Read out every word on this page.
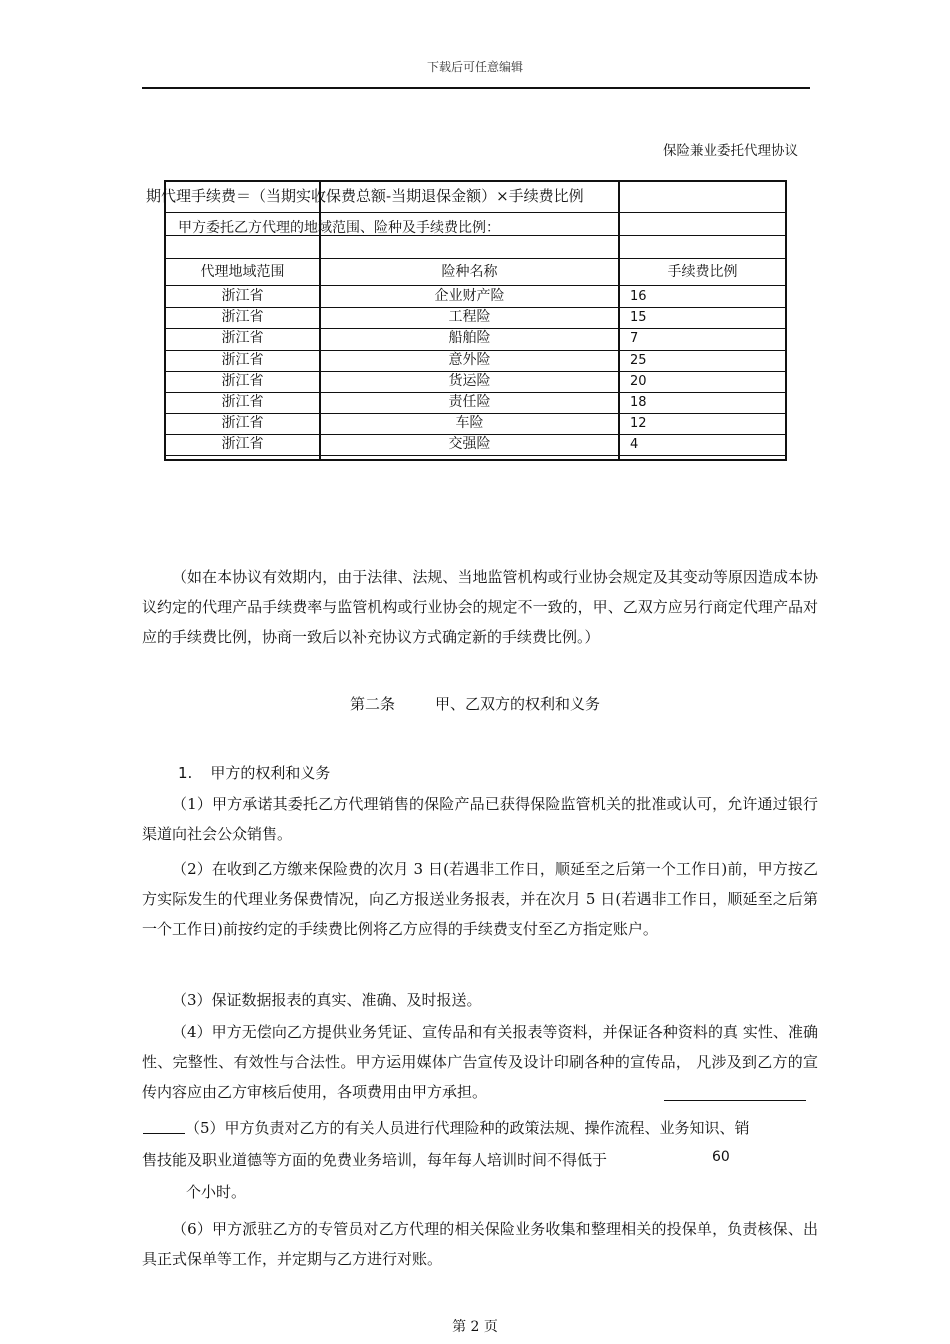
下载后可任意编辑
保险兼业委托代理协议
期代理手续费＝（当期实收保费总额-当期退保金额）×手续费比例
甲方委托乙方代理的地域范围、险种及手续费比例：
代理地域范围	险种名称	手续费比例
浙江省	企业财产险	16
浙江省	工程险	15
浙江省	船舶险	7
浙江省	意外险	25
浙江省	货运险	20
浙江省	责任险	18
浙江省	车险	12
浙江省	交强险	4
（如在本协议有效期内，由于法律、法规、当地监管机构或行业协会规定及其变动等原因造成本协议约定的代理产品手续费率与监管机构或行业协会的规定不一致的，甲、乙双方应另行商定代理产品对应的手续费比例，协商一致后以补充协议方式确定新的手续费比例。）
第二条	甲、乙双方的权利和义务
1. 甲方的权利和义务
（1）甲方承诺其委托乙方代理销售的保险产品已获得保险监管机关的批准或认可，允许通过银行渠道向社会公众销售。
（2）在收到乙方缴来保险费的次月 3 日(若遇非工作日，顺延至之后第一个工作日)前，甲方按乙方实际发生的代理业务保费情况，向乙方报送业务报表，并在次月 5 日(若遇非工作日，顺延至之后第一个工作日)前按约定的手续费比例将乙方应得的手续费支付至乙方指定账户。
（3）保证数据报表的真实、准确、及时报送。
（4）甲方无偿向乙方提供业务凭证、宣传品和有关报表等资料，并保证各种资料的真 实性、准确性、完整性、有效性与合法性。甲方运用媒体广告宣传及设计印刷各种的宣传品， 凡涉及到乙方的宣传内容应由乙方审核后使用，各项费用由甲方承担。
（5）甲方负责对乙方的有关人员进行代理险种的政策法规、操作流程、业务知识、销
售技能及职业道德等方面的免费业务培训，每年每人培训时间不得低于	60
个小时。
（6）甲方派驻乙方的专管员对乙方代理的相关保险业务收集和整理相关的投保单，负责核保、出具正式保单等工作，并定期与乙方进行对账。
第 2 页
